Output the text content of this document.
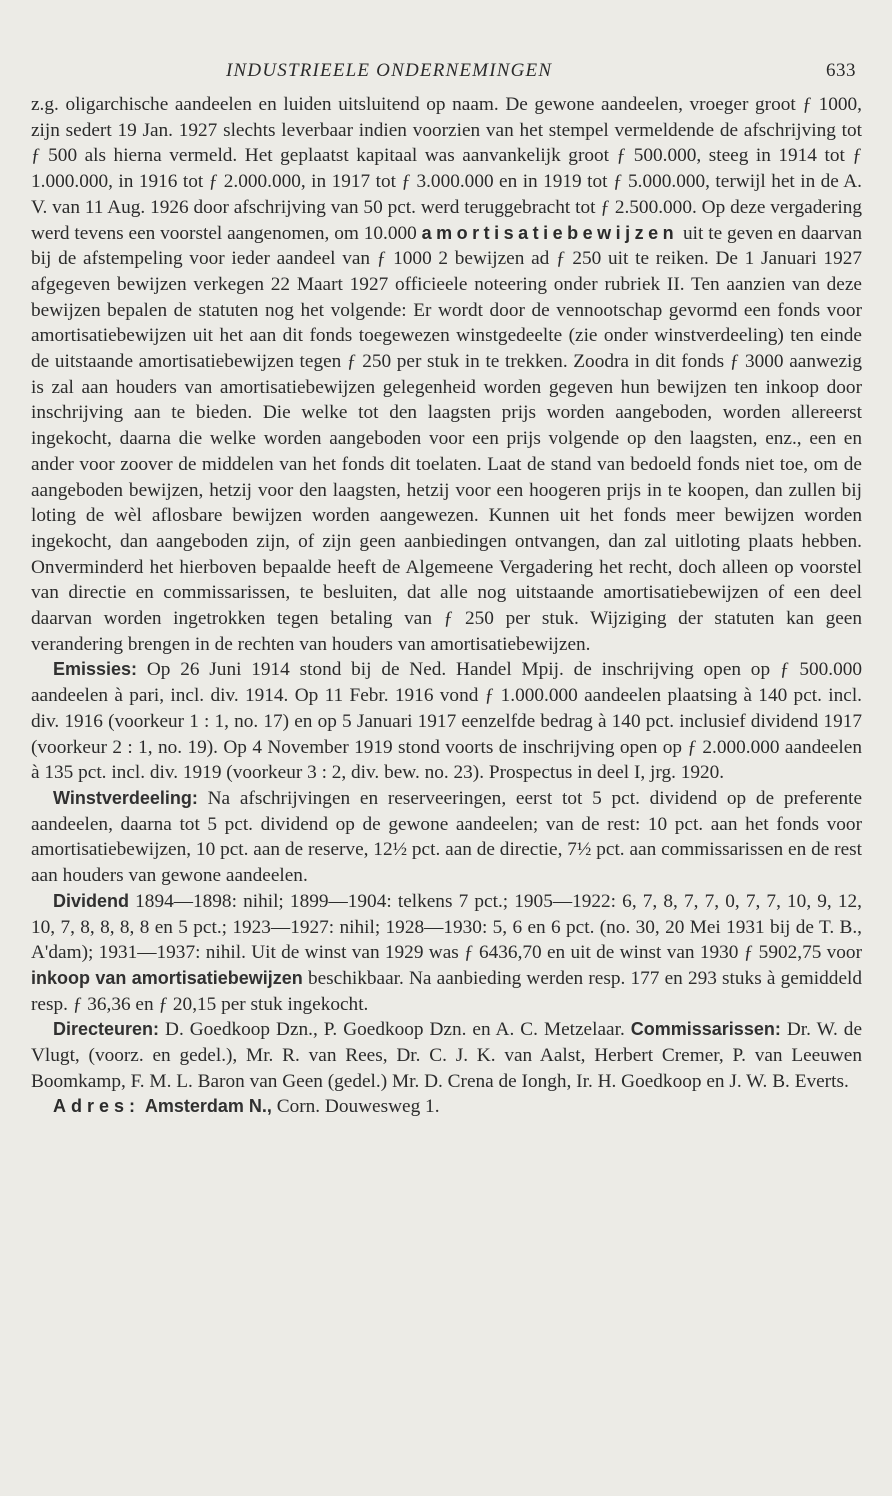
INDUSTRIEELE ONDERNEMINGEN	633

z.g. oligarchische aandeelen en luiden uitsluitend op naam. De gewone aandeelen, vroeger groot ƒ 1000, zijn sedert 19 Jan. 1927 slechts leverbaar indien voorzien van het stempel vermeldende de afschrijving tot ƒ 500 als hierna vermeld. Het geplaatst kapitaal was aanvankelijk groot ƒ 500.000, steeg in 1914 tot ƒ 1.000.000, in 1916 tot ƒ 2.000.000, in 1917 tot ƒ 3.000.000 en in 1919 tot ƒ 5.000.000, terwijl het in de A. V. van 11 Aug. 1926 door afschrijving van 50 pct. werd teruggebracht tot ƒ 2.500.000. Op deze vergadering werd tevens een voorstel aangenomen, om 10.000 amortisatiebewijzen uit te geven en daarvan bij de afstempeling voor ieder aandeel van ƒ 1000 2 bewijzen ad ƒ 250 uit te reiken. De 1 Januari 1927 afgegeven bewijzen verkegen 22 Maart 1927 officieele noteering onder rubriek II. Ten aanzien van deze bewijzen bepalen de statuten nog het volgende: Er wordt door de vennootschap gevormd een fonds voor amortisatiebewijzen uit het aan dit fonds toegewezen winstgedeelte (zie onder winstverdeeling) ten einde de uitstaande amortisatiebewijzen tegen ƒ 250 per stuk in te trekken. Zoodra in dit fonds ƒ 3000 aanwezig is zal aan houders van amortisatiebewijzen gelegenheid worden gegeven hun bewijzen ten inkoop door inschrijving aan te bieden. Die welke tot den laagsten prijs worden aangeboden, worden allereerst ingekocht, daarna die welke worden aangeboden voor een prijs volgende op den laagsten, enz., een en ander voor zoover de middelen van het fonds dit toelaten. Laat de stand van bedoeld fonds niet toe, om de aangeboden bewijzen, hetzij voor den laagsten, hetzij voor een hoogeren prijs in te koopen, dan zullen bij loting de wèl aflosbare bewijzen worden aangewezen. Kunnen uit het fonds meer bewijzen worden ingekocht, dan aangeboden zijn, of zijn geen aanbiedingen ontvangen, dan zal uitloting plaats hebben. Onverminderd het hierboven bepaalde heeft de Algemeene Vergadering het recht, doch alleen op voorstel van directie en commissarissen, te besluiten, dat alle nog uitstaande amortisatiebewijzen of een deel daarvan worden ingetrokken tegen betaling van ƒ 250 per stuk. Wijziging der statuten kan geen verandering brengen in de rechten van houders van amortisatiebewijzen.

Emissies: Op 26 Juni 1914 stond bij de Ned. Handel Mpij. de inschrijving open op ƒ 500.000 aandeelen à pari, incl. div. 1914. Op 11 Febr. 1916 vond ƒ 1.000.000 aandeelen plaatsing à 140 pct. incl. div. 1916 (voorkeur 1 : 1, no. 17) en op 5 Januari 1917 eenzelfde bedrag à 140 pct. inclusief dividend 1917 (voorkeur 2 : 1, no. 19). Op 4 November 1919 stond voorts de inschrijving open op ƒ 2.000.000 aandeelen à 135 pct. incl. div. 1919 (voorkeur 3 : 2, div. bew. no. 23). Prospectus in deel I, jrg. 1920.

Winstverdeeling: Na afschrijvingen en reserveeringen, eerst tot 5 pct. dividend op de preferente aandeelen, daarna tot 5 pct. dividend op de gewone aandeelen; van de rest: 10 pct. aan het fonds voor amortisatiebewijzen, 10 pct. aan de reserve, 12½ pct. aan de directie, 7½ pct. aan commissarissen en de rest aan houders van gewone aandeelen.

Dividend 1894—1898: nihil; 1899—1904: telkens 7 pct.; 1905—1922: 6, 7, 8, 7, 7, 0, 7, 7, 10, 9, 12, 10, 7, 8, 8, 8, 8 en 5 pct.; 1923—1927: nihil; 1928—1930: 5, 6 en 6 pct. (no. 30, 20 Mei 1931 bij de T. B., A'dam); 1931—1937: nihil. Uit de winst van 1929 was ƒ 6436,70 en uit de winst van 1930 ƒ 5902,75 voor inkoop van amortisatiebewijzen beschikbaar. Na aanbieding werden resp. 177 en 293 stuks à gemiddeld resp. ƒ 36,36 en ƒ 20,15 per stuk ingekocht.

Directeuren: D. Goedkoop Dzn., P. Goedkoop Dzn. en A. C. Metzelaar. Commissarissen: Dr. W. de Vlugt, (voorz. en gedel.), Mr. R. van Rees, Dr. C. J. K. van Aalst, Herbert Cremer, P. van Leeuwen Boomkamp, F. M. L. Baron van Geen (gedel.) Mr. D. Crena de Iongh, Ir. H. Goedkoop en J. W. B. Everts.

Adres: Amsterdam N., Corn. Douweswеg 1.
